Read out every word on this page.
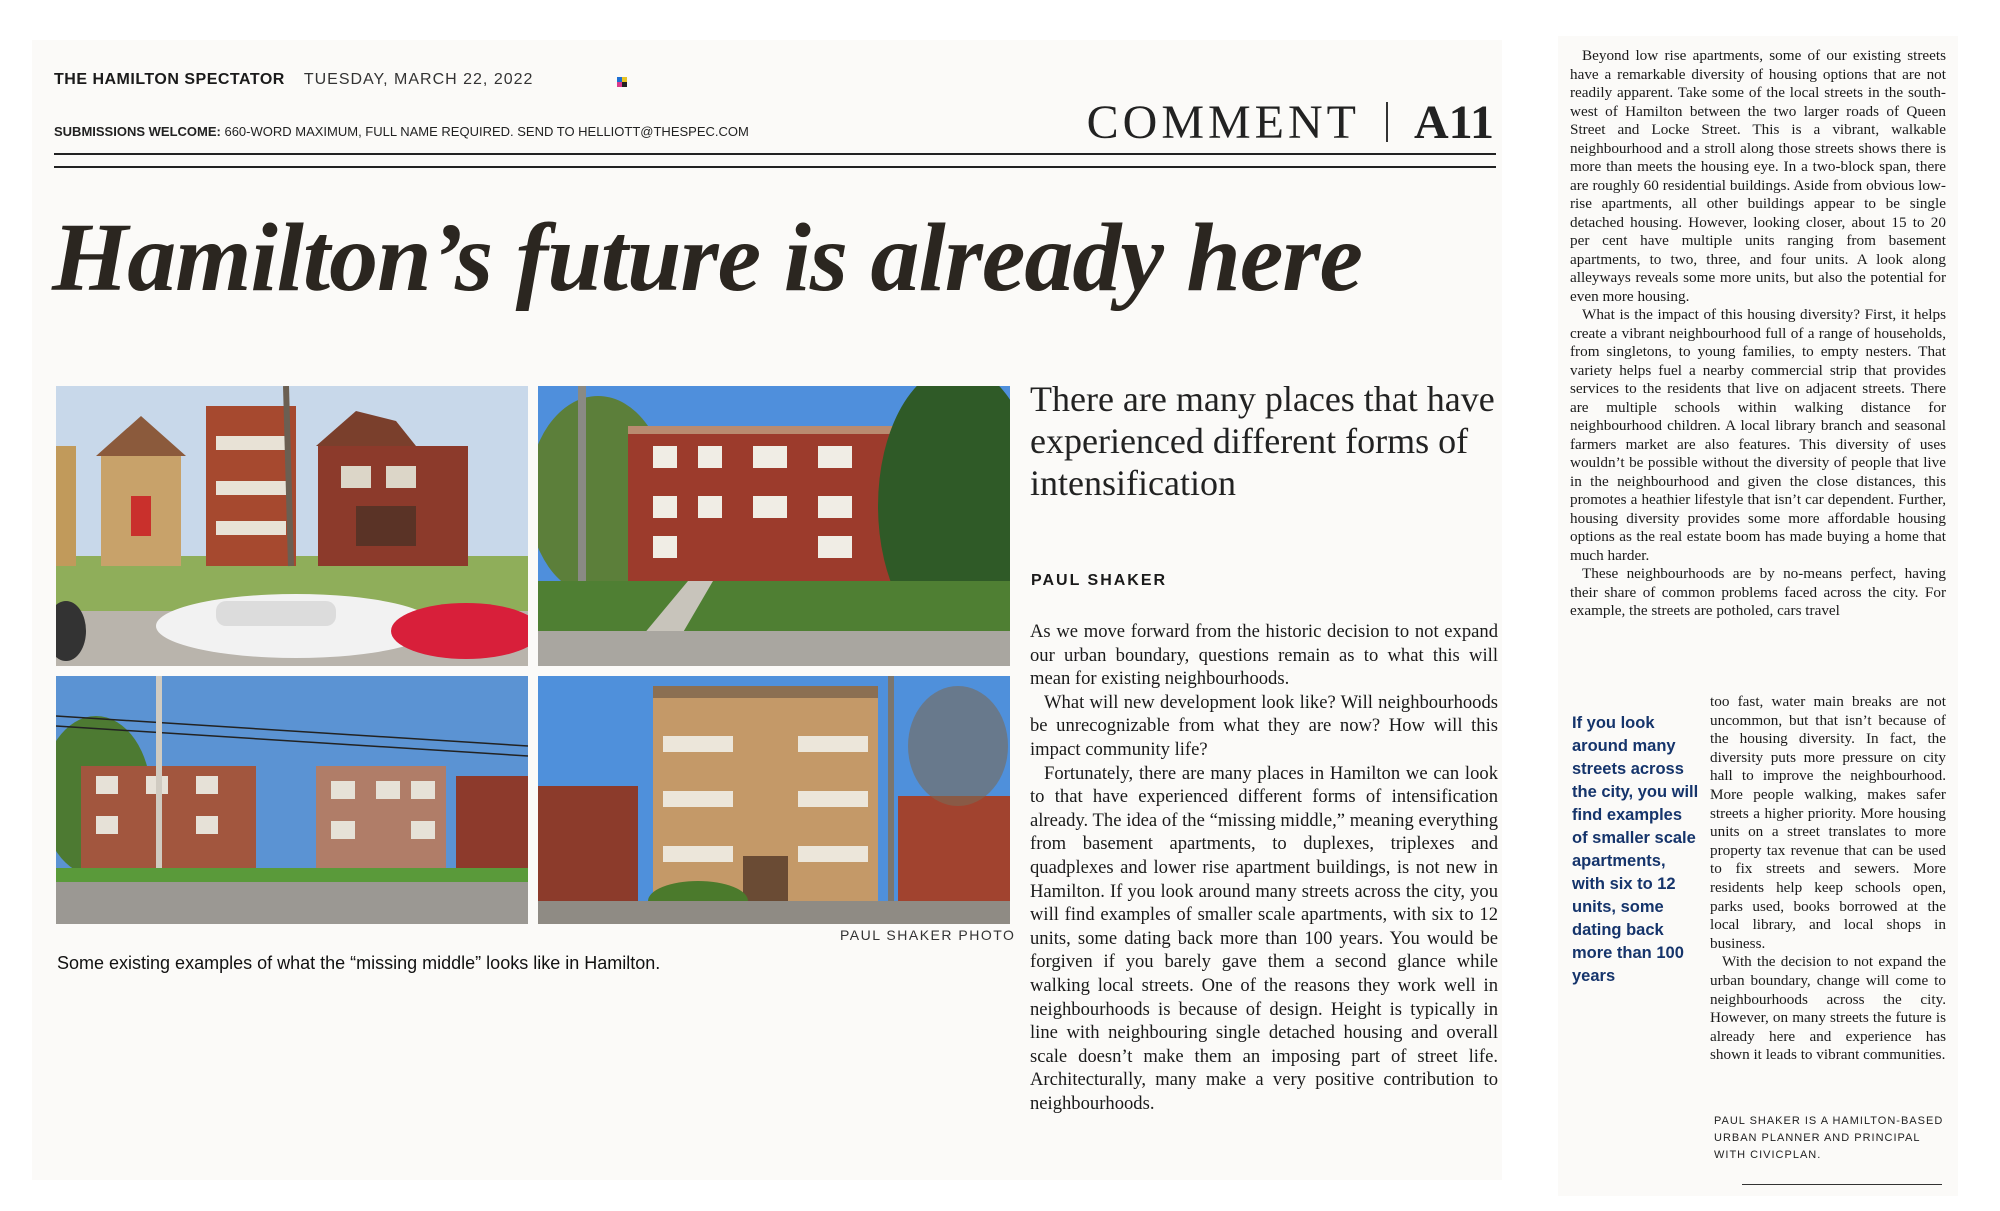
THE HAMILTON SPECTATOR TUESDAY, MARCH 22, 2022
SUBMISSIONS WELCOME: 660-WORD MAXIMUM, FULL NAME REQUIRED. SEND TO HELLIOTT@THESPEC.COM	COMMENT A11
Hamilton’s future is already here
PAUL SHAKER PHOTO
Some existing examples of what the “missing middle” looks like in Hamilton.
There are many places that have experienced different forms of intensification
PAUL SHAKER

As we move forward from the historic decision to not expand our urban boundary, questions remain as to what this will mean for existing neighbourhoods.

What will new development look like? Will neighbourhoods be unrecognizable from what they are now? How will this impact community life?

Fortunately, there are many places in Hamilton we can look to that have experienced different forms of intensification already. The idea of the “missing middle,” meaning everything from basement apartments, to duplexes, triplexes and quadplexes and lower rise apartment buildings, is not new in Hamilton. If you look around many streets across the city, you will find examples of smaller scale apartments, with six to 12 units, some dating back more than 100 years. You would be forgiven if you barely gave them a second glance while walking local streets. One of the reasons they work well in neighbourhoods is because of design. Height is typically in line with neighbouring single detached housing and overall scale doesn’t make them an imposing part of street life. Architecturally, many make a very positive contribution to neighbourhoods.

Beyond low rise apartments, some of our existing streets have a remarkable diversity of housing options that are not readily apparent. Take some of the local streets in the south-west of Hamilton between the two larger roads of Queen Street and Locke Street. This is a vibrant, walkable neighbourhood and a stroll along those streets shows there is more than meets the housing eye. In a two-block span, there are roughly 60 residential buildings. Aside from obvious low-rise apartments, all other buildings appear to be single detached housing. However, looking closer, about 15 to 20 per cent have multiple units ranging from basement apartments, to two, three, and four units. A look along alleyways reveals some more units, but also the potential for even more housing.

What is the impact of this housing diversity? First, it helps create a vibrant neighbourhood full of a range of households, from singletons, to young families, to empty nesters. That variety helps fuel a nearby commercial strip that provides services to the residents that live on adjacent streets. There are multiple schools within walking distance for neighbourhood children. A local library branch and seasonal farmers market are also features. This diversity of uses wouldn’t be possible without the diversity of people that live in the neighbourhood and given the close distances, this promotes a heathier lifestyle that isn’t car dependent. Further, housing diversity provides some more affordable housing options as the real estate boom has made buying a home that much harder.

These neighbourhoods are by no-means perfect, having their share of common problems faced across the city. For example, the streets are potholed, cars travel

If you look around many streets across the city, you will find examples of smaller scale apartments, with six to 12 units, some dating back more than 100 years

too fast, water main breaks are not uncommon, but that isn’t because of the housing diversity. In fact, the diversity puts more pressure on city hall to improve the neighbourhood. More people walking, makes safer streets a higher priority. More housing units on a street translates to more property tax revenue that can be used to fix streets and sewers. More residents help keep schools open, parks used, books borrowed at the local library, and local shops in business.

With the decision to not expand the urban boundary, change will come to neighbourhoods across the city. However, on many streets the future is already here and experience has shown it leads to vibrant communities.

PAUL SHAKER IS A HAMILTON-BASED URBAN PLANNER AND PRINCIPAL WITH CIVICPLAN.
